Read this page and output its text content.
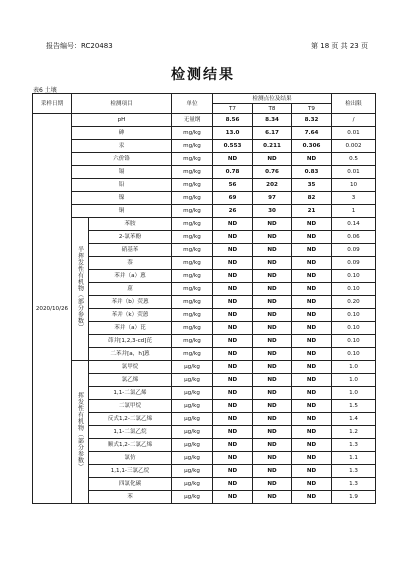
报告编号：RC20483	第 18 页 共 23 页
检测结果
表6 土壤
采样日期	检测项目		单位	检测点位及结果			检出限
				T7	T8	T9	
2020/10/26	pH		无量纲	8.56	8.34	8.32	/
	砷		mg/kg	13.0	6.17	7.64	0.01
	汞		mg/kg	0.553	0.211	0.306	0.002
	六价铬		mg/kg	ND	ND	ND	0.5
	镉		mg/kg	0.78	0.76	0.83	0.01
	铅		mg/kg	56	202	35	10
	镍		mg/kg	69	97	82	3
	铜		mg/kg	26	30	21	1
	半挥发性有机物（部分参数）	苯胺	mg/kg	ND	ND	ND	0.14
		2-氯苯酚	mg/kg	ND	ND	ND	0.06
		硝基苯	mg/kg	ND	ND	ND	0.09
		萘	mg/kg	ND	ND	ND	0.09
		苯并（a）蒽	mg/kg	ND	ND	ND	0.10
		䓛	mg/kg	ND	ND	ND	0.10
		苯并（b）荧蒽	mg/kg	ND	ND	ND	0.20
		苯并（k）荧蒽	mg/kg	ND	ND	ND	0.10
		苯并（a）芘	mg/kg	ND	ND	ND	0.10
		茚并[1,2,3-cd]芘	mg/kg	ND	ND	ND	0.10
		二苯并[a，h]蒽	mg/kg	ND	ND	ND	0.10
	挥发性有机物（部分参数）	氯甲烷	μg/kg	ND	ND	ND	1.0
		氯乙烯	μg/kg	ND	ND	ND	1.0
		1,1-二氯乙烯	μg/kg	ND	ND	ND	1.0
		二氯甲烷	μg/kg	ND	ND	ND	1.5
		反式1,2-二氯乙烯	μg/kg	ND	ND	ND	1.4
		1,1-二氯乙烷	μg/kg	ND	ND	ND	1.2
		顺式1,2-二氯乙烯	μg/kg	ND	ND	ND	1.3
		氯仿	μg/kg	ND	ND	ND	1.1
		1,1,1-三氯乙烷	μg/kg	ND	ND	ND	1.3
		四氯化碳	μg/kg	ND	ND	ND	1.3
		苯	μg/kg	ND	ND	ND	1.9
